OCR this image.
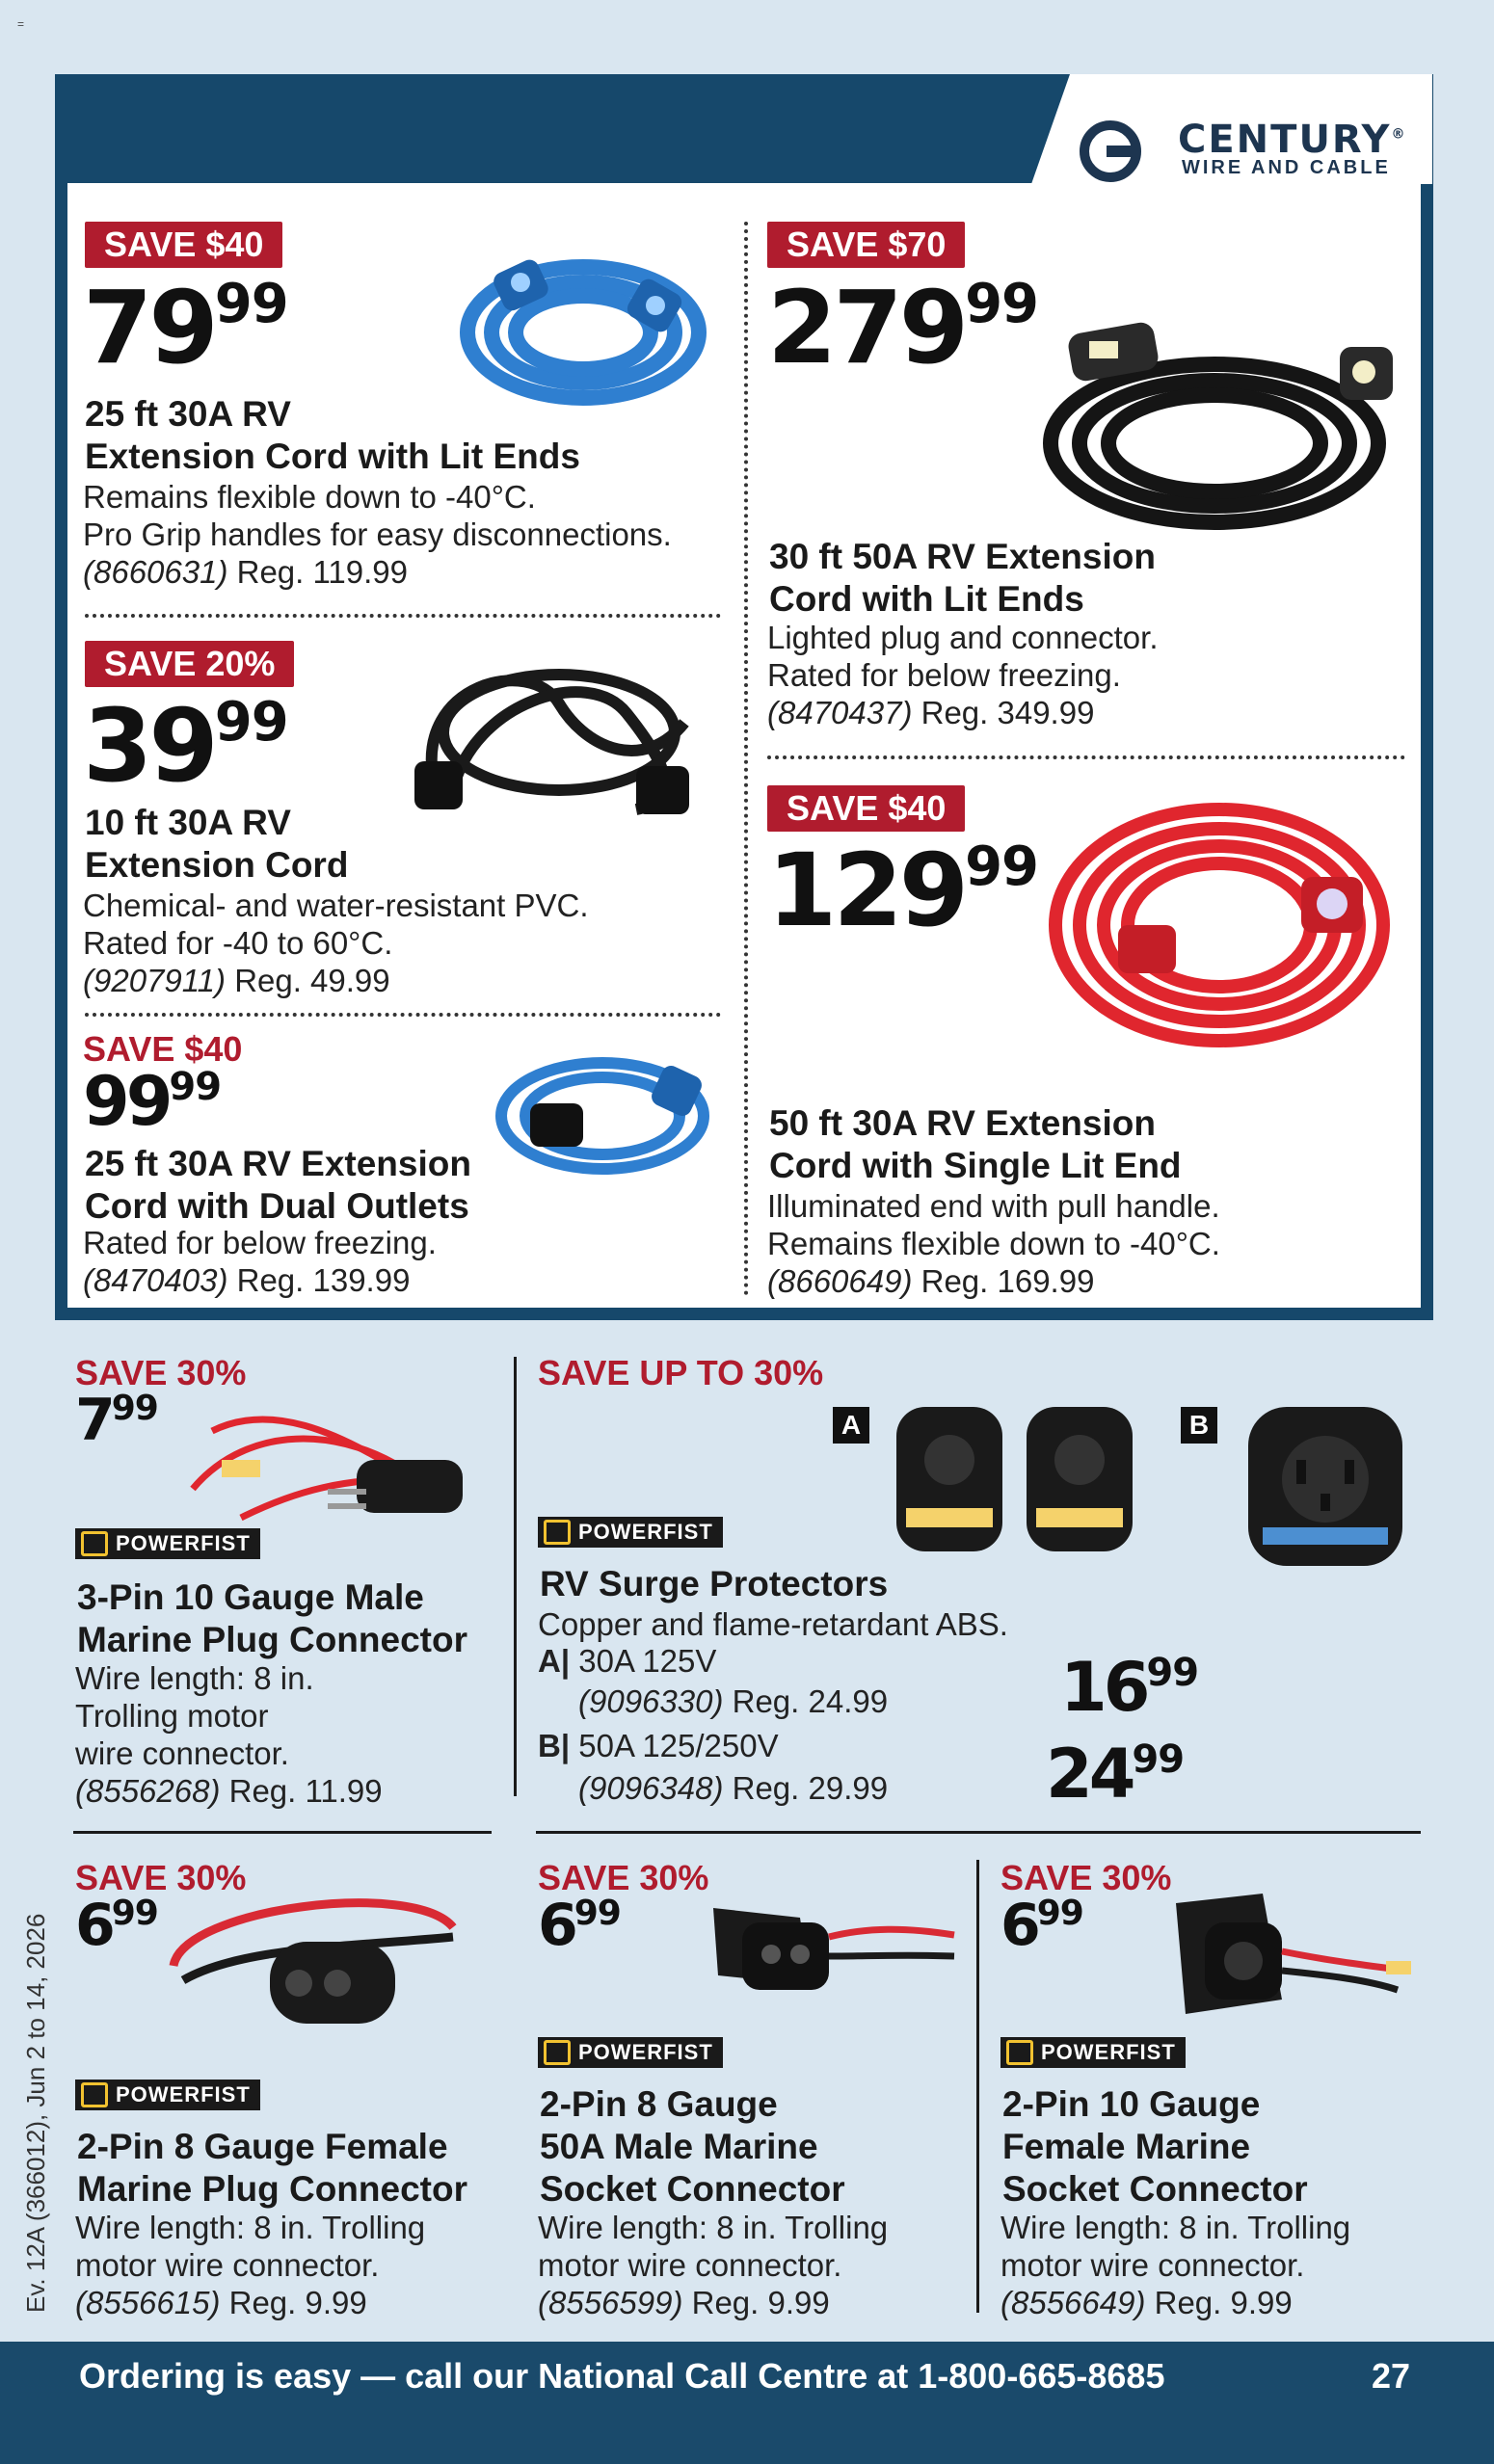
=
CENTURY®
WIRE AND CABLE
SAVE $40
7999
25 ft 30A RV
Extension Cord with Lit Ends
Remains flexible down to -40°C.
Pro Grip handles for easy disconnections.
(8660631) Reg. 119.99
SAVE 20%
3999
10 ft 30A RV
Extension Cord
Chemical- and water-resistant PVC.
Rated for -40 to 60°C.
(9207911) Reg. 49.99
SAVE $40
9999
25 ft 30A RV Extension
Cord with Dual Outlets
Rated for below freezing.
(8470403) Reg. 139.99
SAVE $70
27999
30 ft 50A RV Extension
Cord with Lit Ends
Lighted plug and connector.
Rated for below freezing.
(8470437) Reg. 349.99
SAVE $40
12999
50 ft 30A RV Extension
Cord with Single Lit End
Illuminated end with pull handle.
Remains flexible down to -40°C.
(8660649) Reg. 169.99
SAVE 30%
799
POWERFIST
3-Pin 10 Gauge Male
Marine Plug Connector
Wire length: 8 in.
Trolling motor
wire connector.
(8556268) Reg. 11.99
SAVE UP TO 30%
A	B
POWERFIST
RV Surge Protectors
Copper and flame-retardant ABS.
A| 30A 125V
(9096330) Reg. 24.99
B| 50A 125/250V
(9096348) Reg. 29.99
1699
2499
SAVE 30%
699
POWERFIST
2-Pin 8 Gauge Female
Marine Plug Connector
Wire length: 8 in. Trolling
motor wire connector.
(8556615) Reg. 9.99
SAVE 30%
699
POWERFIST
2-Pin 8 Gauge
50A Male Marine
Socket Connector
Wire length: 8 in. Trolling
motor wire connector.
(8556599) Reg. 9.99
SAVE 30%
699
POWERFIST
2-Pin 10 Gauge
Female Marine
Socket Connector
Wire length: 8 in. Trolling
motor wire connector.
(8556649) Reg. 9.99
Ev. 12A (366012), Jun 2 to 14, 2026
Ordering is easy — call our National Call Centre at 1-800-665-8685	27
